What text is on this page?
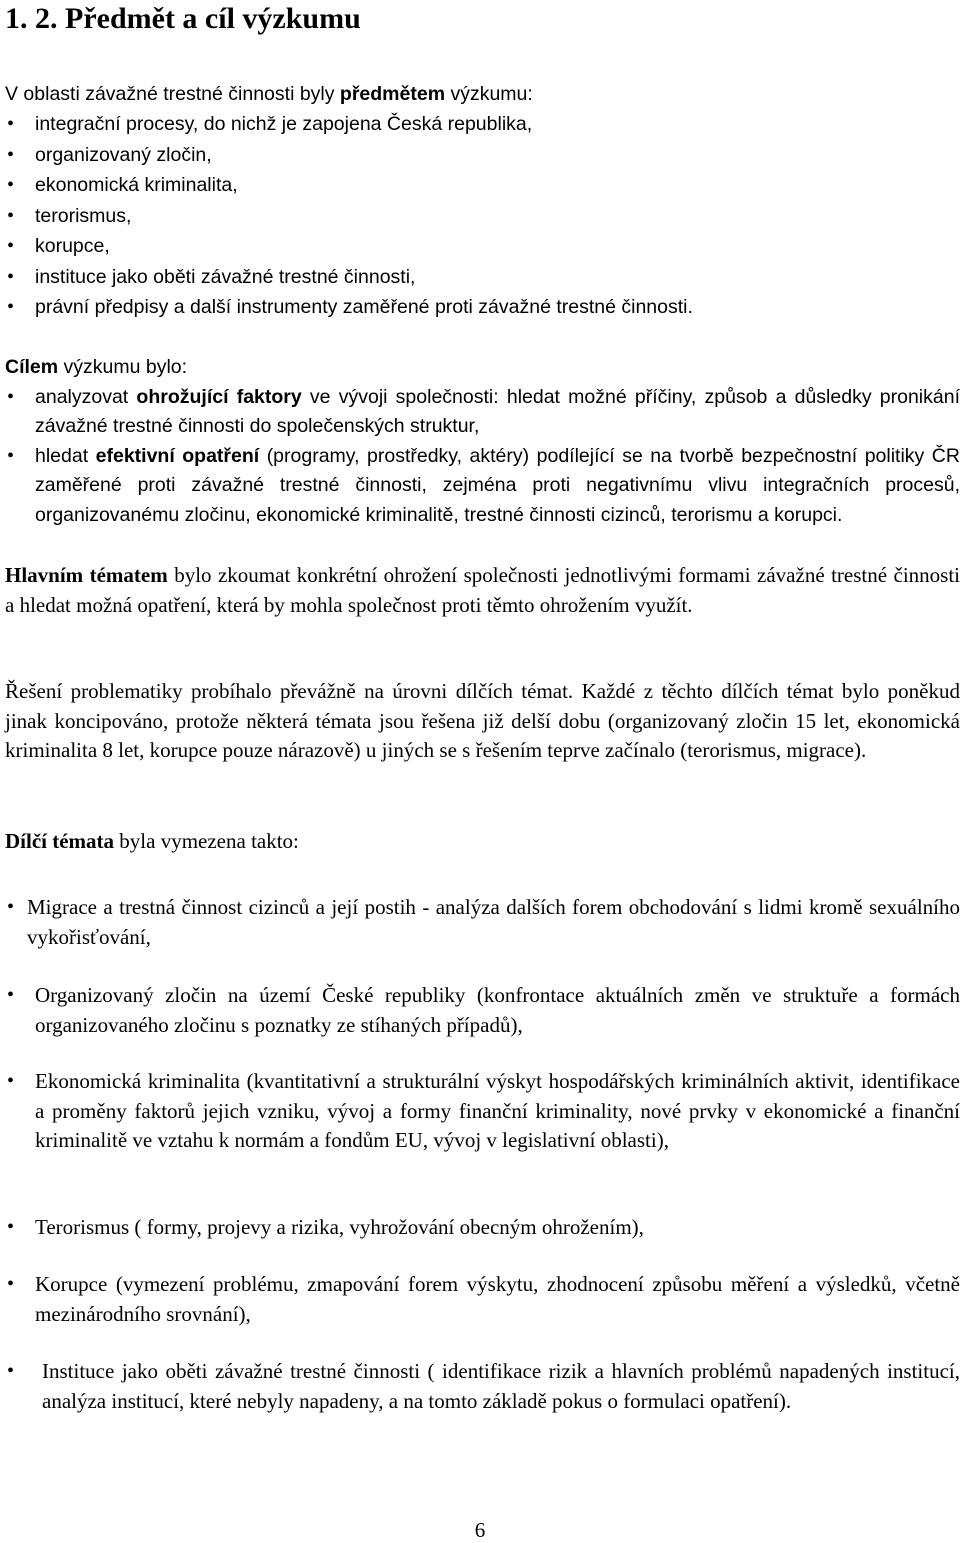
1. 2. Předmět a cíl výzkumu

V oblasti závažné trestné činnosti byly předmětem výzkumu:

• integrační procesy, do nichž je zapojena Česká republika,
• organizovaný zločin,
• ekonomická kriminalita,
• terorismus,
• korupce,
• instituce jako oběti závažné trestné činnosti,
• právní předpisy a další instrumenty zaměřené proti závažné trestné činnosti.

Cílem výzkumu bylo:

• analyzovat ohrožující faktory ve vývoji společnosti: hledat možné příčiny, způsob a důsledky pronikání závažné trestné činnosti do společenských struktur,
• hledat efektivní opatření (programy, prostředky, aktéry) podílející se na tvorbě bezpečnostní politiky ČR zaměřené proti závažné trestné činnosti, zejména proti negativnímu vlivu integračních procesů, organizovanému zločinu, ekonomické kriminalitě, trestné činnosti cizinců, terorismu a korupci.

Hlavním tématem bylo zkoumat konkrétní ohrožení společnosti jednotlivými formami závažné trestné činnosti a hledat možná opatření, která by mohla společnost proti těmto ohrožením využít.

Řešení problematiky probíhalo převážně na úrovni dílčích témat. Každé z těchto dílčích témat bylo poněkud jinak koncipováno, protože některá témata jsou řešena již delší dobu (organizovaný zločin 15 let, ekonomická kriminalita 8 let, korupce pouze nárazově) u jiných se s řešením teprve začínalo (terorismus, migrace).

Dílčí témata byla vymezena takto:

• Migrace a trestná činnost cizinců a její postih - analýza dalších forem obchodování s lidmi kromě sexuálního vykořisťování,
• Organizovaný zločin na území České republiky (konfrontace aktuálních změn ve struktuře a formách organizovaného zločinu s poznatky ze stíhaných případů),
• Ekonomická kriminalita (kvantitativní a strukturální výskyt hospodářských kriminálních aktivit, identifikace a proměny faktorů jejich vzniku, vývoj a formy finanční kriminality, nové prvky v ekonomické a finanční kriminalitě ve vztahu k normám a fondům EU, vývoj v legislativní oblasti),
• Terorismus ( formy, projevy a rizika, vyhrožování obecným ohrožením),
• Korupce (vymezení problému, zmapování forem výskytu, zhodnocení způsobu měření a výsledků, včetně mezinárodního srovnání),
• Instituce jako oběti závažné trestné činnosti ( identifikace rizik a hlavních problémů napadených institucí, analýza institucí, které nebyly napadeny, a na tomto základě pokus o formulaci opatření).
6
